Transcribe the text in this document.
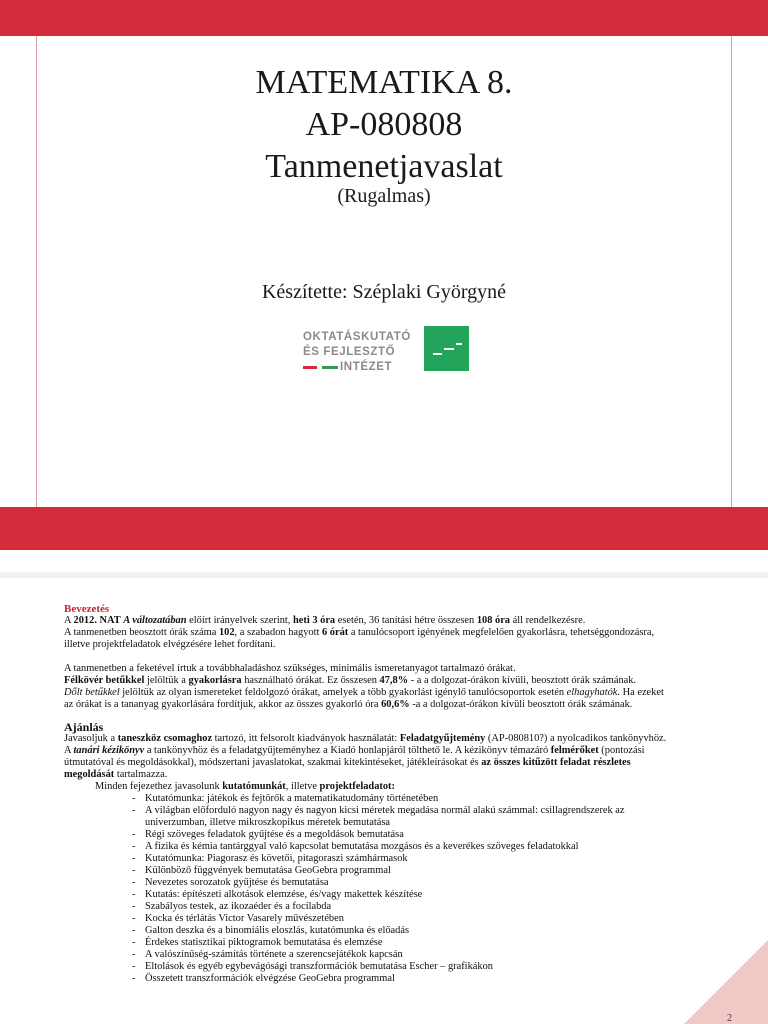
MATEMATIKA 8.
AP-080808
Tanmenetjavaslat
(Rugalmas)
Készítette: Széplaki Györgyné
OKTATÁSKUTATÓ
ÉS FEJLESZTŐ
INTÉZET

Bevezetés

A 2012. NAT A változatában előírt irányelvek szerint, heti 3 óra esetén, 36 tanítási hétre összesen 108 óra áll rendelkezésre.

A tanmenetben beosztott órák száma 102, a szabadon hagyott 6 órát a tanulócsoport igényének megfelelően gyakorlásra, tehetséggondozásra,

illetve projektfeladatok elvégzésére lehet fordítani.

A tanmenetben a feketével írtuk a továbbhaladáshoz szükséges, minimális ismeretanyagot tartalmazó órákat.

Félkövér betűkkel jelöltük a gyakorlásra használható órákat. Ez összesen 47,8% - a a dolgozat-órákon kívüli, beosztott órák számának.

Dőlt betűkkel jelöltük az olyan ismereteket feldolgozó órákat, amelyek a több gyakorlást igénylő tanulócsoportok esetén elhagyhatók. Ha ezeket

az órákat is a tananyag gyakorlására fordítjuk, akkor az összes gyakorló óra 60,6% -a a dolgozat-órákon kívüli beosztott órák számának.

Ajánlás

Javasoljuk a taneszköz csomaghoz tartozó, itt felsorolt kiadványok használatát: Feladatgyűjtemény (AP-080810?) a nyolcadikos tankönyvhöz.

A tanári kézikönyv a tankönyvhöz és a feladatgyűjteményhez a Kiadó honlapjáról tölthető le. A kézikönyv témazáró felmérőket (pontozási

útmutatóval és megoldásokkal), módszertani javaslatokat, szakmai kitekintéseket, játékleírásokat és az összes kitűzött feladat részletes

megoldását tartalmazza.

Minden fejezethez javasolunk kutatómunkát, illetve projektfeladatot:

- Kutatómunka: játékok és fejtörők a matematikatudomány történetében
- A világban előforduló nagyon nagy és nagyon kicsi méretek megadása normál alakú számmal: csillagrendszerek az
univerzumban, illetve mikroszkopikus méretek bemutatása
- Régi szöveges feladatok gyűjtése és a megoldások bemutatása
- A fizika és kémia tantárggyal való kapcsolat bemutatása mozgásos és a keverékes szöveges feladatokkal
- Kutatómunka: Piagorasz és követői, pitagoraszi számhármasok
- Különböző függvények bemutatása GeoGebra programmal
- Nevezetes sorozatok gyűjtése és bemutatása
- Kutatás: építészeti alkotások elemzése, és/vagy makettek készítése
- Szabályos testek, az ikozaéder és a focilabda
- Kocka és térlátás Victor Vasarely művészetében
- Galton deszka és a binomiális eloszlás, kutatómunka és előadás
- Érdekes statisztikai piktogramok bemutatása és elemzése
- A valószínűség-számítás története a szerencsejátékok kapcsán
- Eltolások és egyéb egybevágósági transzformációk bemutatása Escher – grafikákon
- Összetett transzformációk elvégzése GeoGebra programmal
2
